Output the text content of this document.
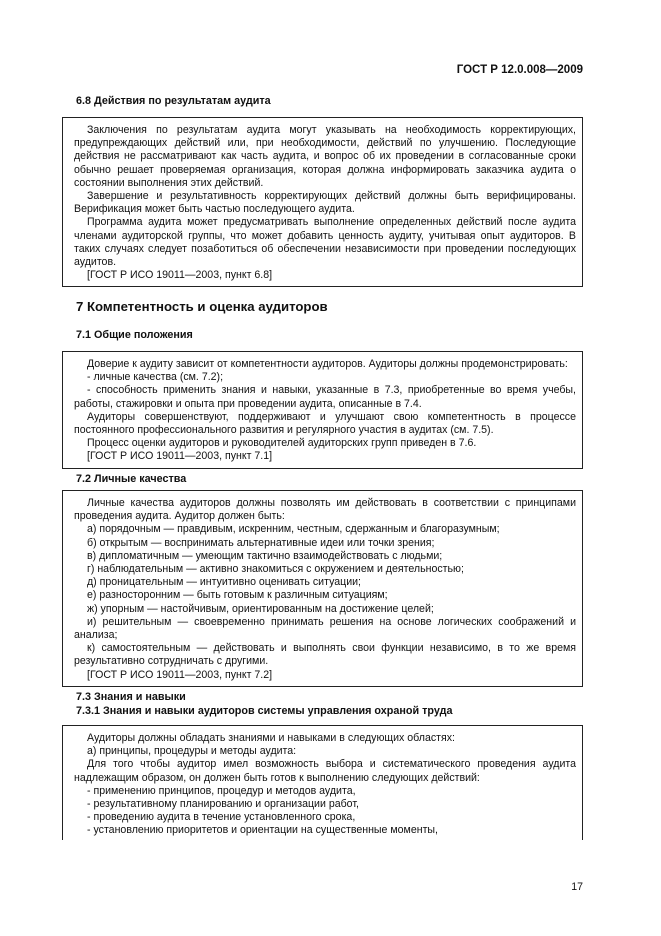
ГОСТ Р 12.0.008—2009
6.8 Действия по результатам аудита

Заключения по результатам аудита могут указывать на необходимость корректирующих, предупреждающих действий или, при необходимости, действий по улучшению. Последующие действия не рассматривают как часть аудита, и вопрос об их проведении в согласованные сроки обычно решает проверяемая организация, которая должна информировать заказчика аудита о состоянии выполнения этих действий.

Завершение и результативность корректирующих действий должны быть верифицированы. Верификация может быть частью последующего аудита.

Программа аудита может предусматривать выполнение определенных действий после аудита членами аудиторской группы, что может добавить ценность аудиту, учитывая опыт аудиторов. В таких случаях следует позаботиться об обеспечении независимости при проведении последующих аудитов.

[ГОСТ Р ИСО 19011—2003, пункт 6.8]

7 Компетентность и оценка аудиторов
7.1 Общие положения

Доверие к аудиту зависит от компетентности аудиторов. Аудиторы должны продемонстрировать:

- личные качества (см. 7.2);

- способность применить знания и навыки, указанные в 7.3, приобретенные во время учебы, работы, стажировки и опыта при проведении аудита, описанные в 7.4.

Аудиторы совершенствуют, поддерживают и улучшают свою компетентность в процессе постоянного профессионального развития и регулярного участия в аудитах (см. 7.5).

Процесс оценки аудиторов и руководителей аудиторских групп приведен в 7.6.

[ГОСТ Р ИСО 19011—2003, пункт 7.1]

7.2 Личные качества

Личные качества аудиторов должны позволять им действовать в соответствии с принципами проведения аудита. Аудитор должен быть:

а) порядочным — правдивым, искренним, честным, сдержанным и благоразумным;

б) открытым — воспринимать альтернативные идеи или точки зрения;

в) дипломатичным — умеющим тактично взаимодействовать с людьми;

г) наблюдательным — активно знакомиться с окружением и деятельностью;

д) проницательным — интуитивно оценивать ситуации;

е) разносторонним — быть готовым к различным ситуациям;

ж) упорным — настойчивым, ориентированным на достижение целей;

и) решительным — своевременно принимать решения на основе логических соображений и анализа;

к) самостоятельным — действовать и выполнять свои функции независимо, в то же время результативно сотрудничать с другими.

[ГОСТ Р ИСО 19011—2003, пункт 7.2]

7.3 Знания и навыки
7.3.1 Знания и навыки аудиторов системы управления охраной труда

Аудиторы должны обладать знаниями и навыками в следующих областях:

а) принципы, процедуры и методы аудита:

Для того чтобы аудитор имел возможность выбора и систематического проведения аудита надлежащим образом, он должен быть готов к выполнению следующих действий:

- применению принципов, процедур и методов аудита,

- результативному планированию и организации работ,

- проведению аудита в течение установленного срока,

- установлению приоритетов и ориентации на существенные моменты,

17
